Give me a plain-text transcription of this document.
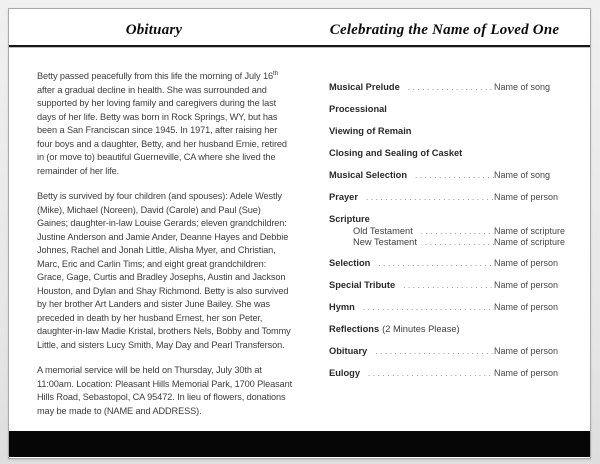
Obituary	Celebrating the Name of Loved One

Betty passed peacefully from this life the morning of July 16th after a gradual decline in health. She was surrounded and supported by her loving family and caregivers during the last days of her life. Betty was born in Rock Springs, WY, but has been a San Franciscan since 1945. In 1971, after raising her four boys and a daughter, Betty, and her husband Ernie, retired in (or move to) beautiful Guerneville, CA where she lived the remainder of her life.

Betty is survived by four children (and spouses): Adele Westly (Mike), Michael (Noreen), David (Carole) and Paul (Sue) Gaines; daughter-in-law Louise Gerards; eleven grandchildren: Justine Anderson and Jamie Ander, Deanne Hayes and Debbie Johnes, Rachel and Jonah Little, Alisha Myer, and Christian, Marc, Eric and Carlin Tims; and eight great grandchildren: Grace, Gage, Curtis and Bradley Josephs, Austin and Jackson Houston, and Dylan and Shay Richmond. Betty is also survived by her brother Art Landers and sister June Bailey. She was preceded in death by her husband Ernest, her son Peter, daughter-in-law Madie Kristal, brothers Nels, Bobby and Tommy Little, and sisters Lucy Smith, May Day and Pearl Transferson.

A memorial service will be held on Thursday, July 30th at 11:00am. Location: Pleasant Hills Memorial Park, 1700 Pleasant Hills Road, Sebastopol, CA 95472. In lieu of flowers, donations may be made to (NAME and ADDRESS).

Musical Prelude .....	Name of song
Processional
Viewing of Remain
Closing and Sealing of Casket
Musical Selection .....	Name of song
Prayer .....	Name of person
Scripture
Old Testament .....	Name of scripture
New Testament .....	Name of scripture
Selection .....	Name of person
Special Tribute .....	Name of person
Hymn .....	Name of person
Reflections (2 Minutes Please)
Obituary .....	Name of person
Eulogy .....	Name of person
